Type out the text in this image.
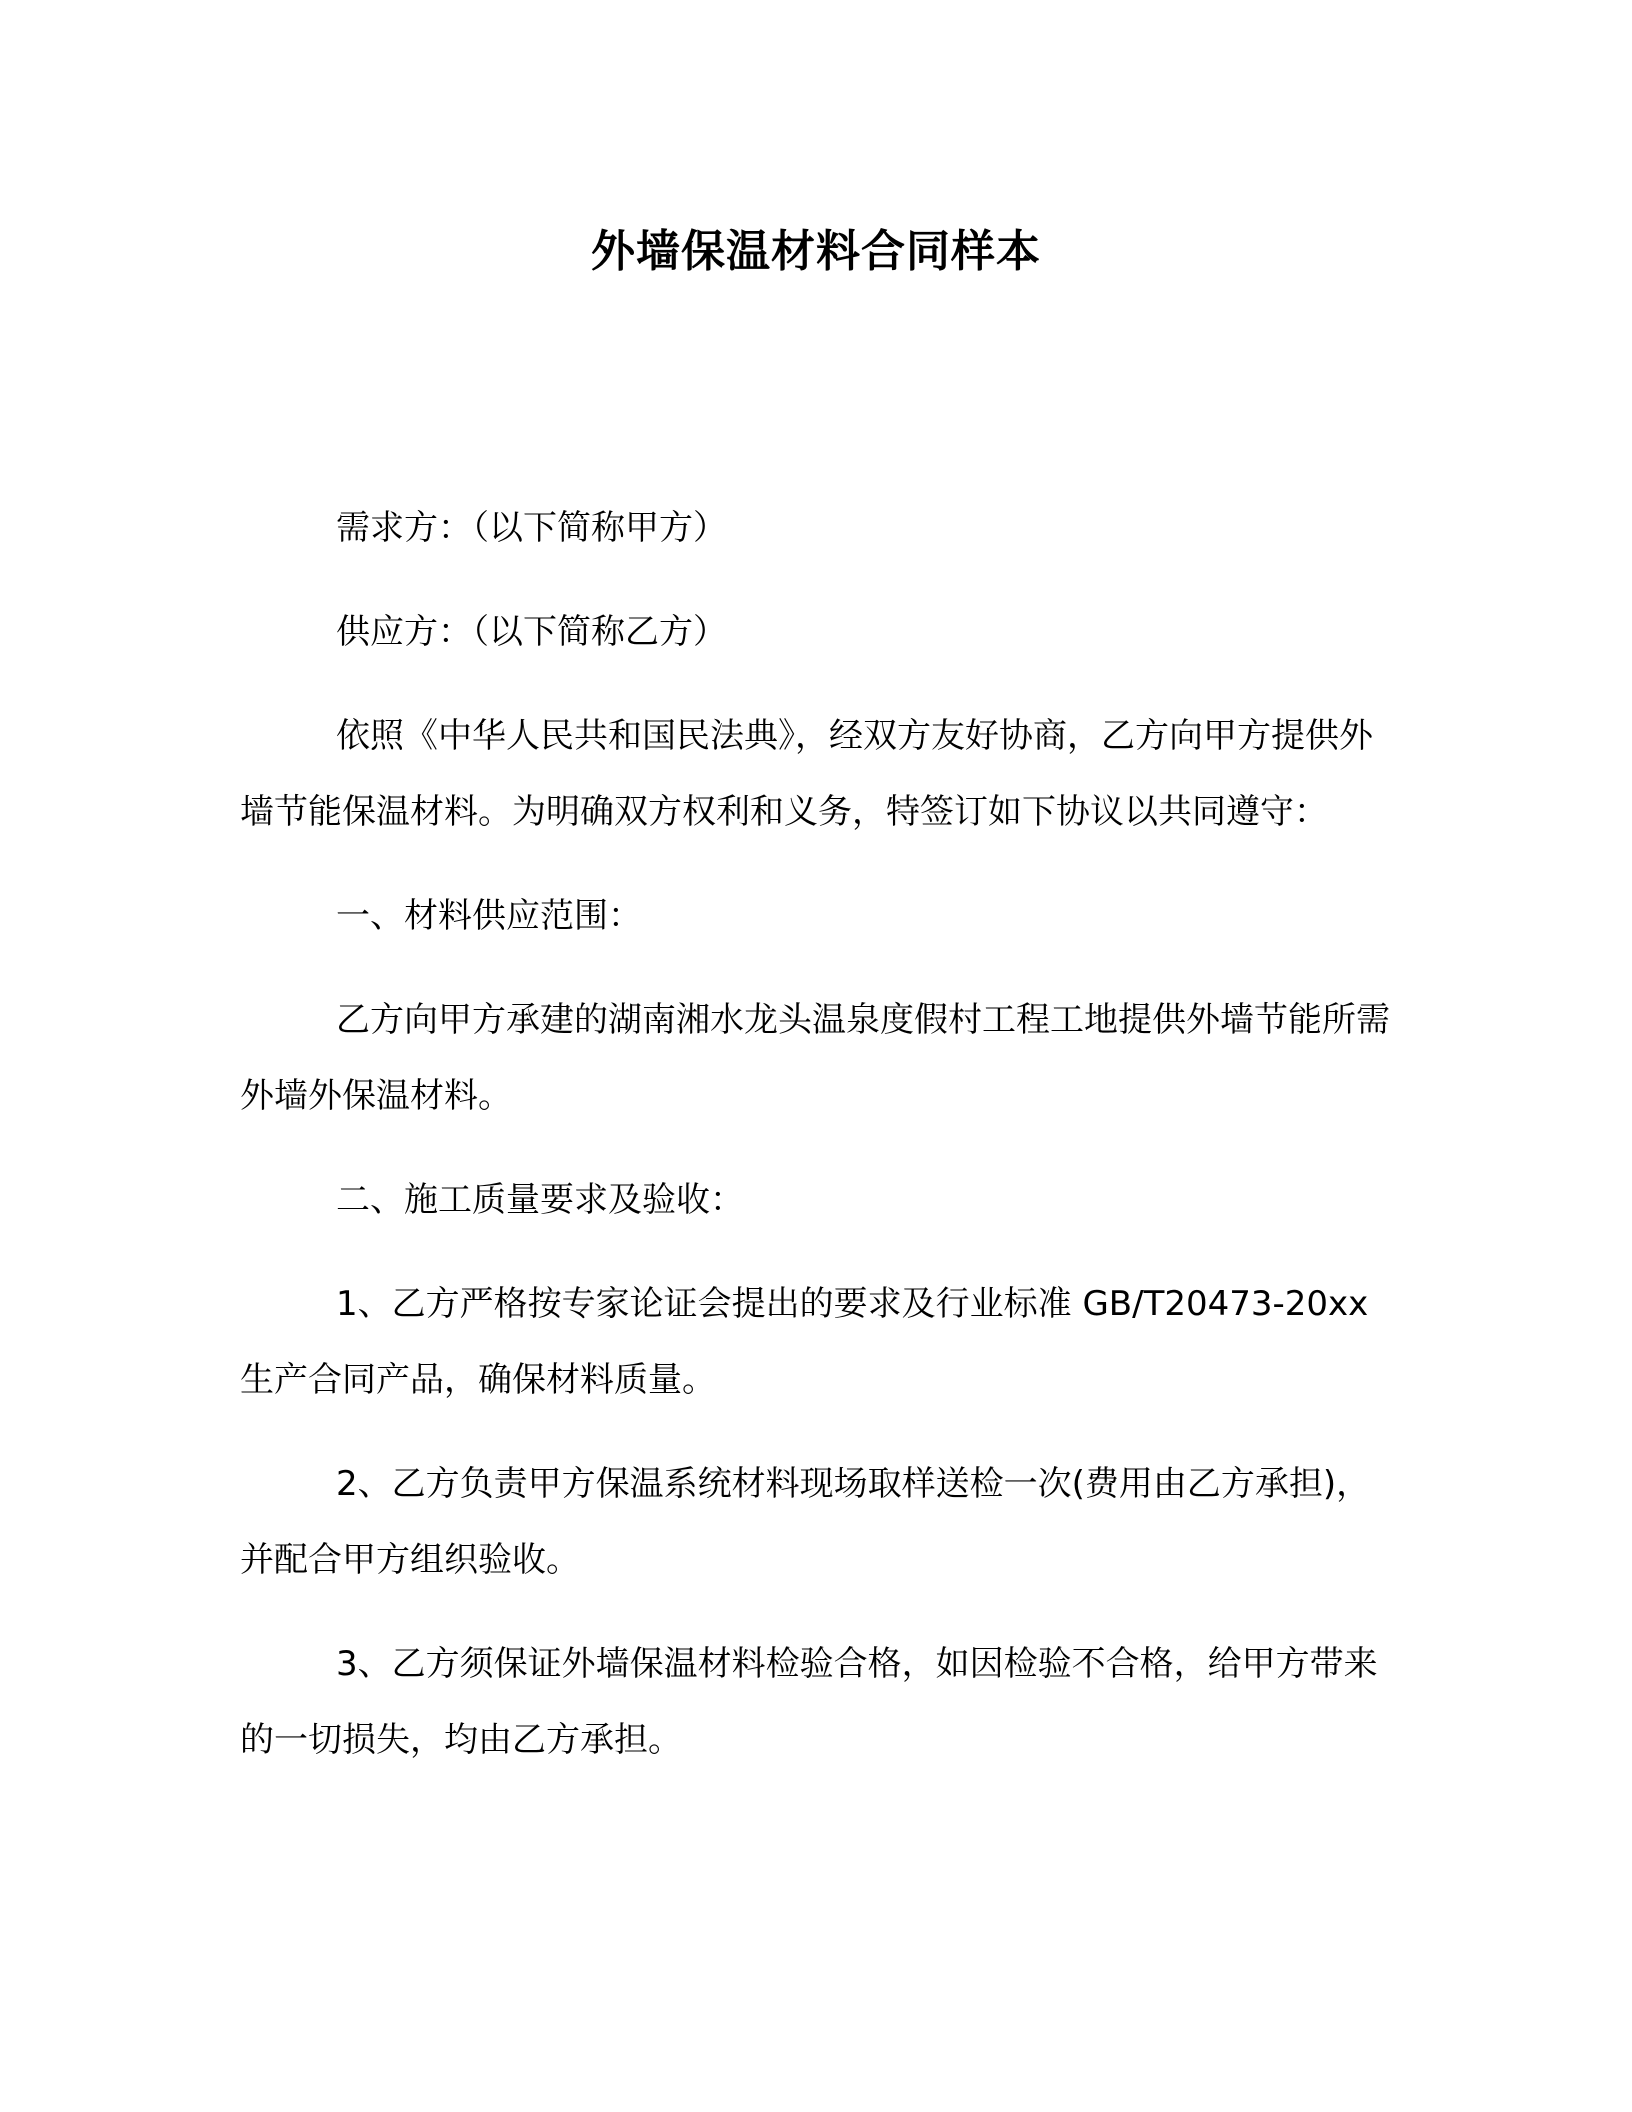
外墙保温材料合同样本

需求方：（以下简称甲方）

供应方：（以下简称乙方）

依照《中华人民共和国民法典》，经双方友好协商，乙方向甲方提供外墙节能保温材料。为明确双方权利和义务，特签订如下协议以共同遵守：

一、材料供应范围：

乙方向甲方承建的湖南湘水龙头温泉度假村工程工地提供外墙节能所需外墙外保温材料。

二、施工质量要求及验收：

1、乙方严格按专家论证会提出的要求及行业标准 GB/T20473-20xx 生产合同产品，确保材料质量。

2、乙方负责甲方保温系统材料现场取样送检一次(费用由乙方承担)，并配合甲方组织验收。

3、乙方须保证外墙保温材料检验合格，如因检验不合格，给甲方带来的一切损失，均由乙方承担。
